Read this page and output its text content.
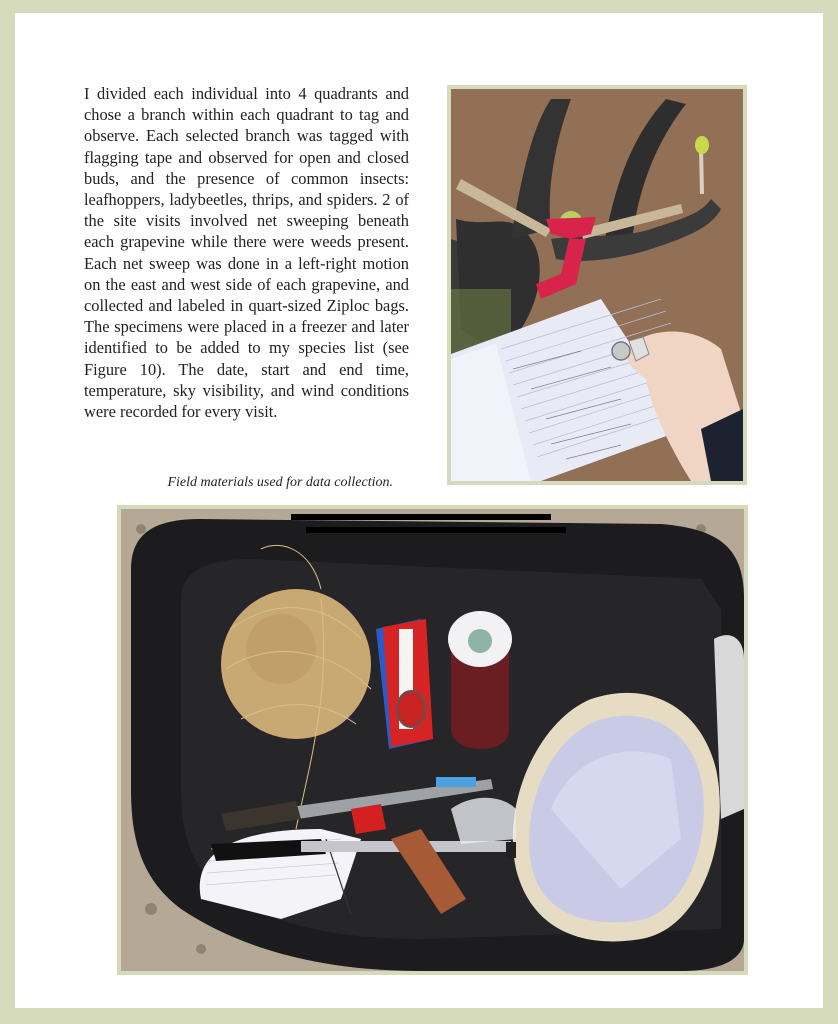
I divided each individual into 4 quadrants and chose a branch within each quadrant to tag and observe. Each selected branch was tagged with flagging tape and observed for open and closed buds, and the presence of common insects: leafhoppers, ladybeetles, thrips, and spiders. 2 of the site visits involved net sweeping beneath each grapevine while there were weeds present. Each net sweep was done in a left-right motion on the east and west side of each grapevine, and collected and labeled in quart-sized Ziploc bags. The specimens were placed in a freezer and later identified to be added to my species list (see Figure 10). The date, start and end time, temperature, sky visibility, and wind conditions were recorded for every visit.

Field materials used for data collection.
